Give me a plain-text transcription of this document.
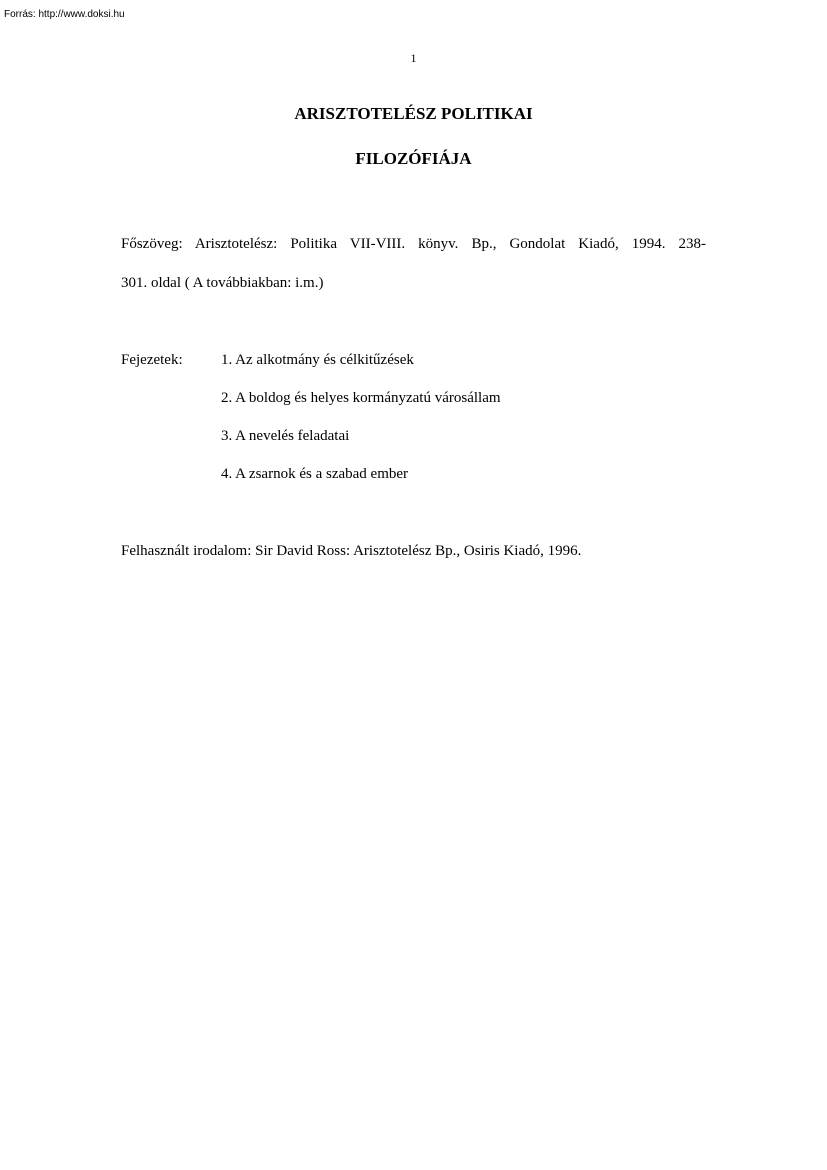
Forrás: http://www.doksi.hu
1
ARISZTOTELÉSZ POLITIKAI
FILOZÓFIÁJA
Főszöveg: Arisztotelész: Politika VII-VIII. könyv. Bp., Gondolat Kiadó, 1994. 238-
301. oldal ( A továbbiakban: i.m.)
Fejezetek:	1. Az alkotmány és célkitűzések
2. A boldog és helyes kormányzatú városállam
3. A nevelés feladatai
4. A zsarnok és a szabad ember
Felhasznált irodalom: Sir David Ross: Arisztotelész Bp., Osiris Kiadó, 1996.
